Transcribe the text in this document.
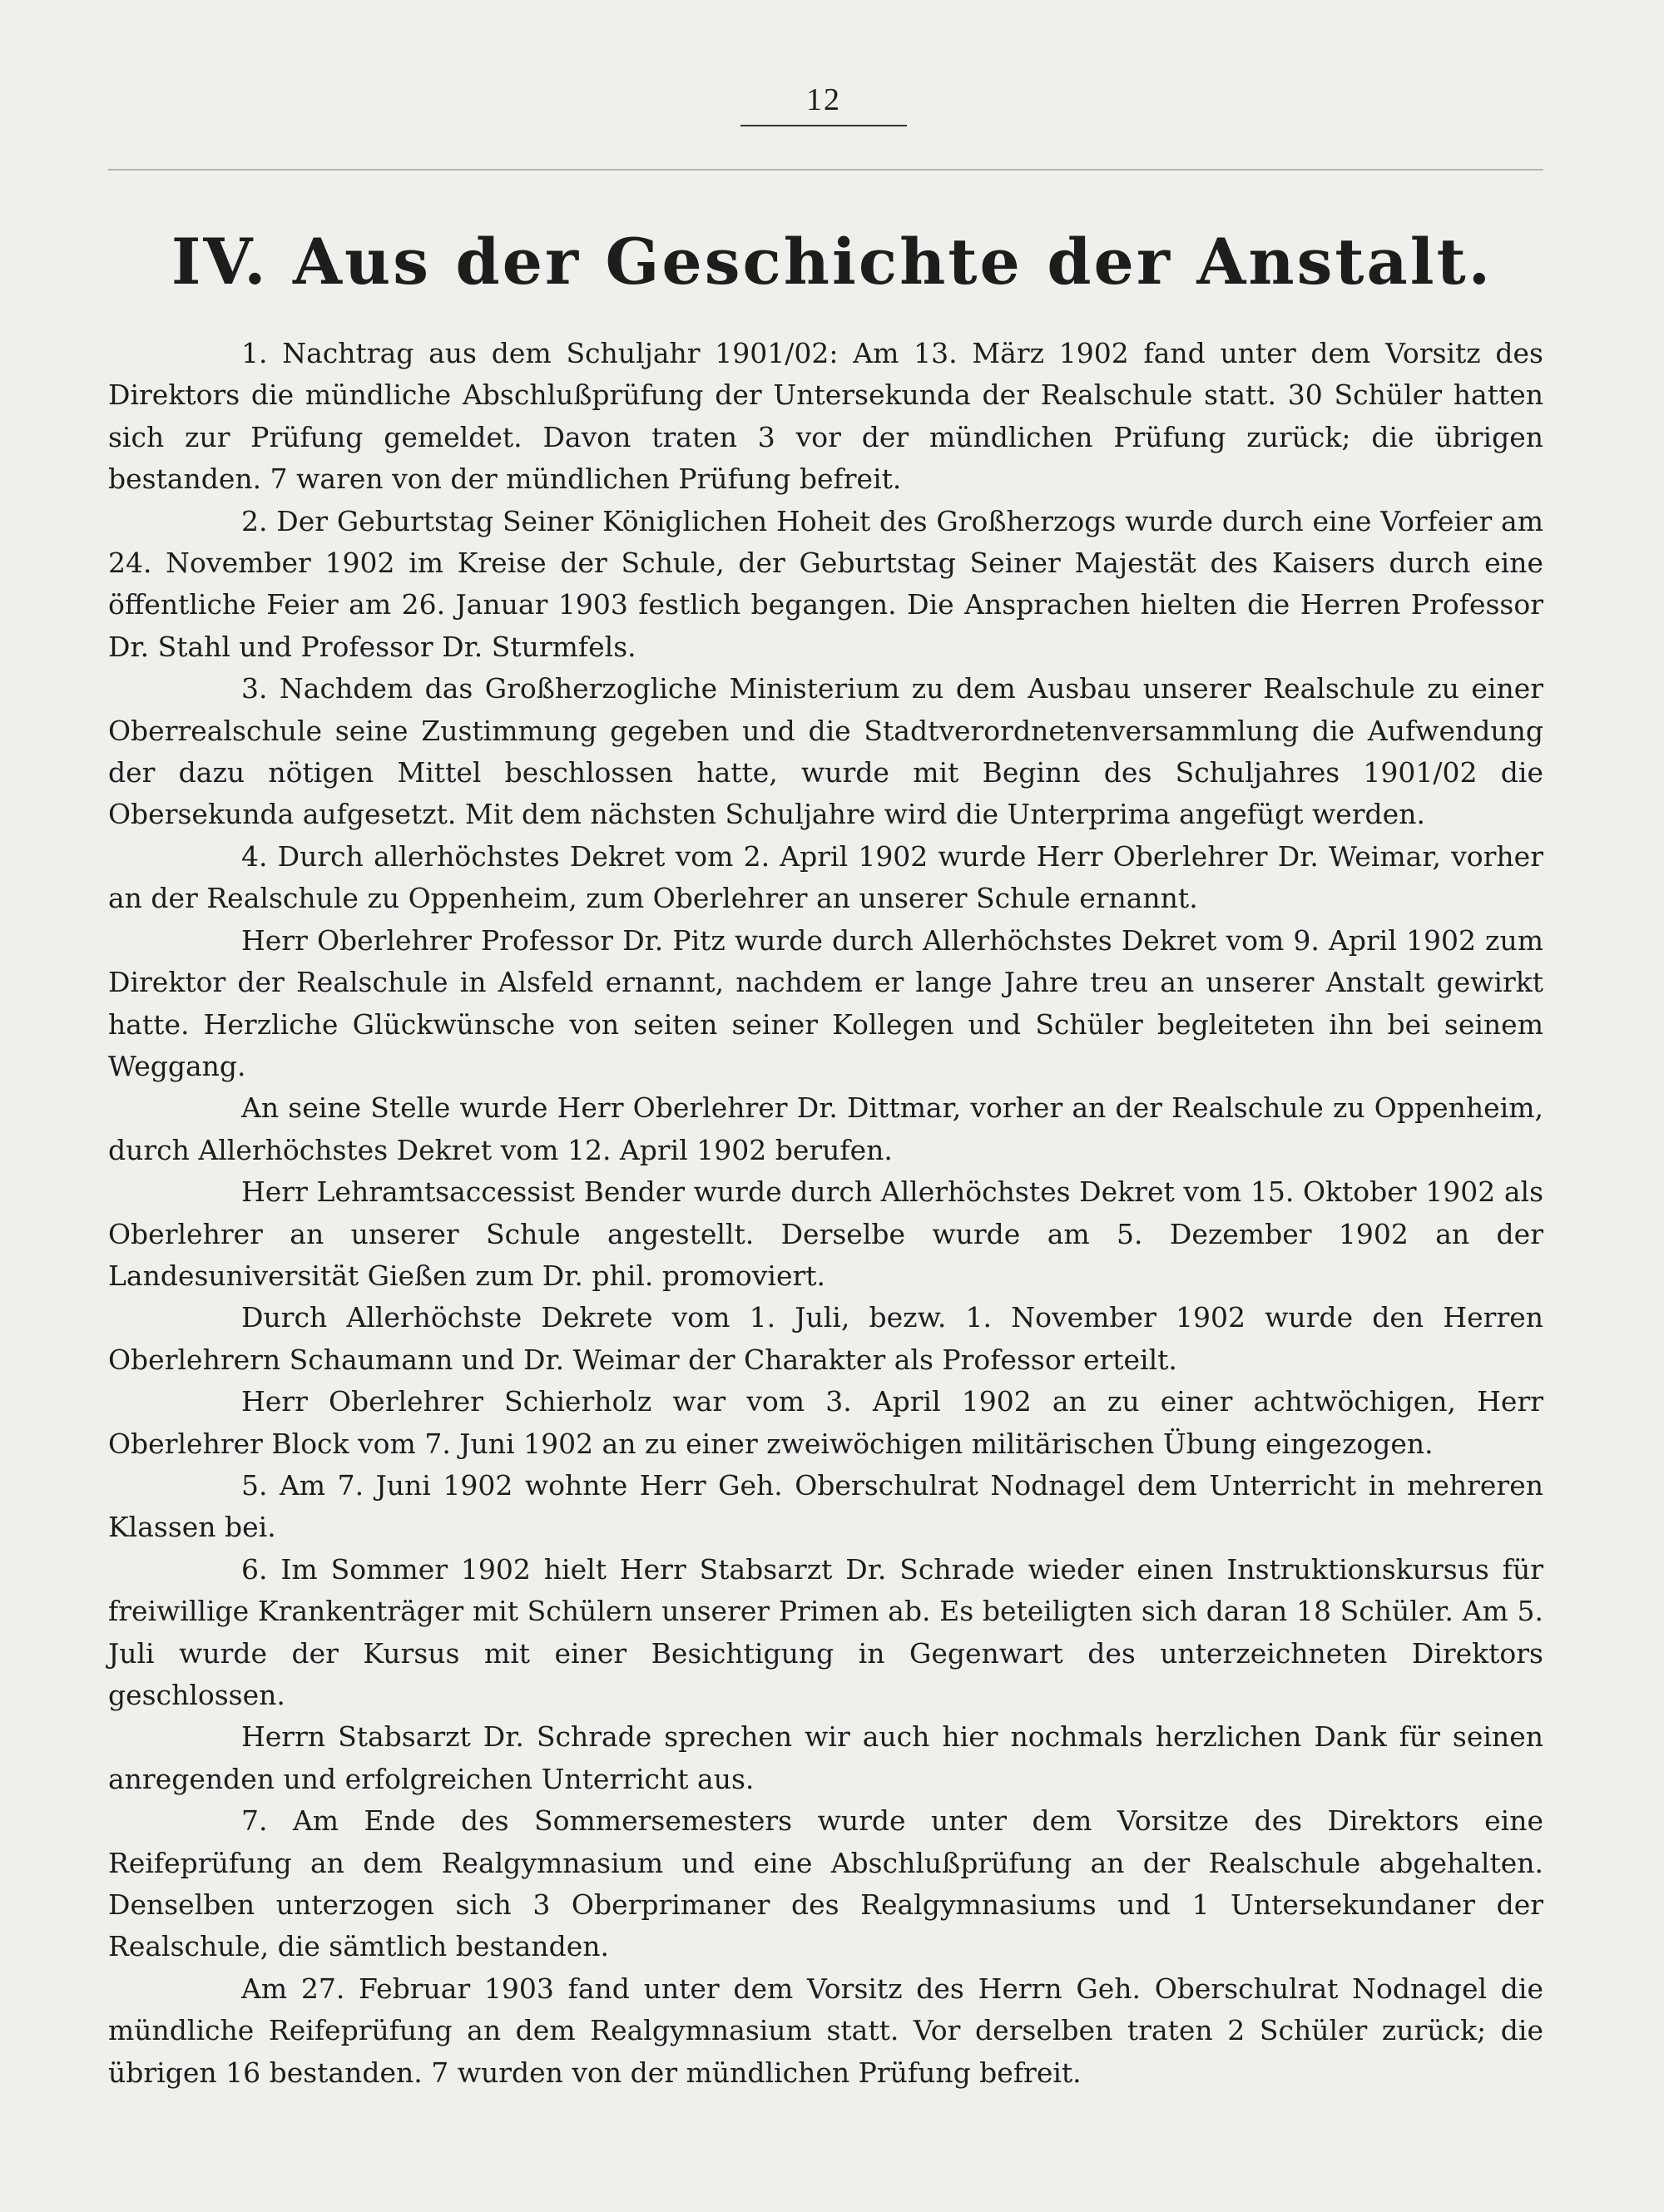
12
IV. Aus der Geschichte der Anstalt.

1. Nachtrag aus dem Schuljahr 1901/02: Am 13. März 1902 fand unter dem Vorsitz des Direktors die mündliche Abschlußprüfung der Untersekunda der Realschule statt. 30 Schüler hatten sich zur Prüfung gemeldet. Davon traten 3 vor der mündlichen Prüfung zurück; die übrigen bestanden. 7 waren von der mündlichen Prüfung befreit.

2. Der Geburtstag Seiner Königlichen Hoheit des Großherzogs wurde durch eine Vorfeier am 24. November 1902 im Kreise der Schule, der Geburtstag Seiner Majestät des Kaisers durch eine öffentliche Feier am 26. Januar 1903 festlich begangen. Die Ansprachen hielten die Herren Professor Dr. Stahl und Professor Dr. Sturmfels.

3. Nachdem das Großherzogliche Ministerium zu dem Ausbau unserer Realschule zu einer Oberrealschule seine Zustimmung gegeben und die Stadtverordnetenversammlung die Aufwendung der dazu nötigen Mittel beschlossen hatte, wurde mit Beginn des Schuljahres 1901/02 die Obersekunda aufgesetzt. Mit dem nächsten Schuljahre wird die Unterprima angefügt werden.

4. Durch allerhöchstes Dekret vom 2. April 1902 wurde Herr Oberlehrer Dr. Weimar, vorher an der Realschule zu Oppenheim, zum Oberlehrer an unserer Schule ernannt.

Herr Oberlehrer Professor Dr. Pitz wurde durch Allerhöchstes Dekret vom 9. April 1902 zum Direktor der Realschule in Alsfeld ernannt, nachdem er lange Jahre treu an unserer Anstalt gewirkt hatte. Herzliche Glückwünsche von seiten seiner Kollegen und Schüler begleiteten ihn bei seinem Weggang.

An seine Stelle wurde Herr Oberlehrer Dr. Dittmar, vorher an der Realschule zu Oppenheim, durch Allerhöchstes Dekret vom 12. April 1902 berufen.

Herr Lehramtsaccessist Bender wurde durch Allerhöchstes Dekret vom 15. Oktober 1902 als Oberlehrer an unserer Schule angestellt. Derselbe wurde am 5. Dezember 1902 an der Landesuniversität Gießen zum Dr. phil. promoviert.

Durch Allerhöchste Dekrete vom 1. Juli, bezw. 1. November 1902 wurde den Herren Oberlehrern Schaumann und Dr. Weimar der Charakter als Professor erteilt.

Herr Oberlehrer Schierholz war vom 3. April 1902 an zu einer achtwöchigen, Herr Oberlehrer Block vom 7. Juni 1902 an zu einer zweiwöchigen militärischen Übung eingezogen.

5. Am 7. Juni 1902 wohnte Herr Geh. Oberschulrat Nodnagel dem Unterricht in mehreren Klassen bei.

6. Im Sommer 1902 hielt Herr Stabsarzt Dr. Schrade wieder einen Instruktionskursus für freiwillige Krankenträger mit Schülern unserer Primen ab. Es beteiligten sich daran 18 Schüler. Am 5. Juli wurde der Kursus mit einer Besichtigung in Gegenwart des unterzeichneten Direktors geschlossen.

Herrn Stabsarzt Dr. Schrade sprechen wir auch hier nochmals herzlichen Dank für seinen anregenden und erfolgreichen Unterricht aus.

7. Am Ende des Sommersemesters wurde unter dem Vorsitze des Direktors eine Reifeprüfung an dem Realgymnasium und eine Abschlußprüfung an der Realschule abgehalten. Denselben unterzogen sich 3 Oberprimaner des Realgymnasiums und 1 Untersekundaner der Realschule, die sämtlich bestanden.

Am 27. Februar 1903 fand unter dem Vorsitz des Herrn Geh. Oberschulrat Nodnagel die mündliche Reifeprüfung an dem Realgymnasium statt. Vor derselben traten 2 Schüler zurück; die übrigen 16 bestanden. 7 wurden von der mündlichen Prüfung befreit.
